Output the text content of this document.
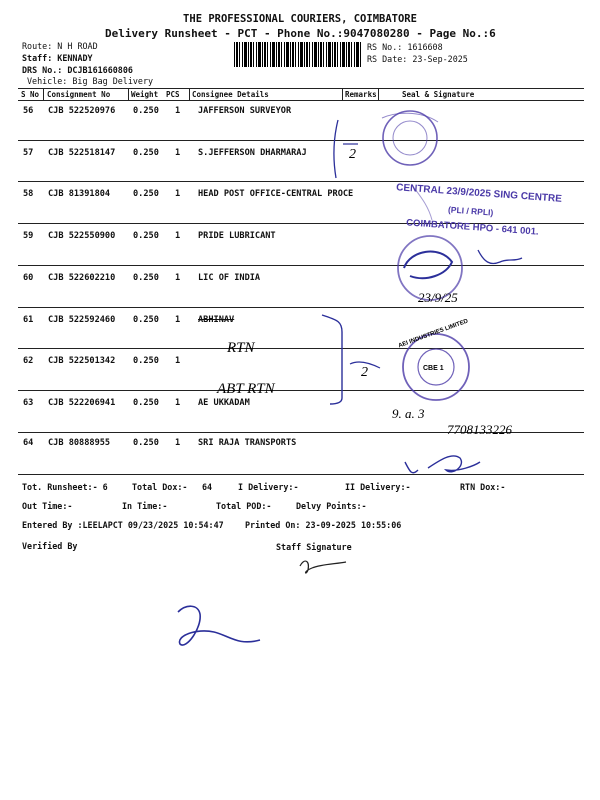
THE PROFESSIONAL COURIERS, COIMBATORE
Delivery Runsheet - PCT - Phone No.:9047080280 - Page No.:6
Route: N H ROAD
Staff: KENNADY
DRS No.: DCJB161660806
Vehicle: Big Bag Delivery
RS No.: 1616608
RS Date: 23-Sep-2025
S No Consignment No	Weight PCS Consignee Details	Remarks	Seal & Signature
56 CJB 522520976 0.250 1 JAFFERSON SURVEYOR
57 CJB 522518147 0.250 1 S.JEFFERSON DHARMARAJ
58 CJB 81391804	0.250 1 HEAD POST OFFICE-CENTRAL PROCE
59 CJB 522550900 0.250 1 PRIDE LUBRICANT
60 CJB 522602210 0.250 1 LIC OF INDIA
61 CJB 522592460 0.250 1 ABHINAV
62 CJB 522501342 0.250 1
63 CJB 522206941 0.250 1 AE UKKADAM
64 CJB 80888955	0.250 1 SRI RAJA TRANSPORTS
2
23/9/25
2
RTN
ABT RTN
CBE 1
AEI INDUSTRIES LIMITED
9. a. 3
7708133226
CENTRAL 23/9/2025 SING CENTRE
(PLI / RPLI)
COIMBATORE HPO - 641 001.
Tot. Runsheet:- 6	Total Dox:- 64	I Delivery:-	II Delivery:-	RTN Dox:-
Out Time:-	In Time:-	Total POD:-	Delvy Points:-
Entered By :LEELAPCT 09/23/2025 10:54:47	Printed On: 23-09-2025 10:55:06
Verified By	Staff Signature
